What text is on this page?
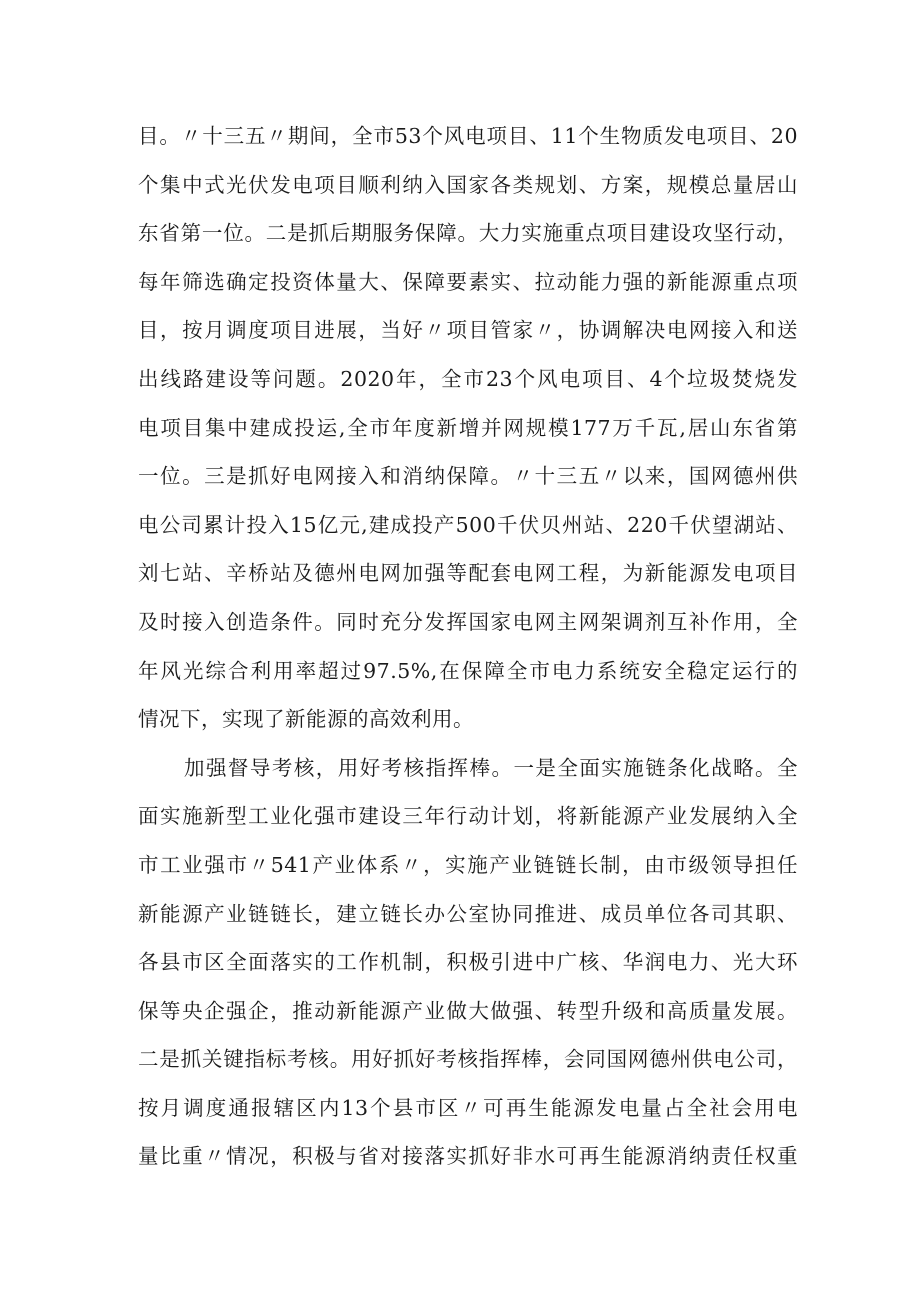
目。〃十三五〃期间，全市53个风电项目、11个生物质发电项目、20
个集中式光伏发电项目顺利纳入国家各类规划、方案，规模总量居山
东省第一位。二是抓后期服务保障。大力实施重点项目建设攻坚行动，
每年筛选确定投资体量大、保障要素实、拉动能力强的新能源重点项
目，按月调度项目进展，当好〃项目管家〃，协调解决电网接入和送
出线路建设等问题。2020年，全市23个风电项目、4个垃圾焚烧发
电项目集中建成投运,全市年度新增并网规模177万千瓦,居山东省第
一位。三是抓好电网接入和消纳保障。〃十三五〃以来，国网德州供
电公司累计投入15亿元,建成投产500千伏贝州站、220千伏望湖站、
刘七站、辛桥站及德州电网加强等配套电网工程，为新能源发电项目
及时接入创造条件。同时充分发挥国家电网主网架调剂互补作用，全
年风光综合利用率超过97.5%,在保障全市电力系统安全稳定运行的
情况下，实现了新能源的高效利用。
加强督导考核，用好考核指挥棒。一是全面实施链条化战略。全
面实施新型工业化强市建设三年行动计划，将新能源产业发展纳入全
市工业强市〃541产业体系〃，实施产业链链长制，由市级领导担任
新能源产业链链长，建立链长办公室协同推进、成员单位各司其职、
各县市区全面落实的工作机制，积极引进中广核、华润电力、光大环
保等央企强企，推动新能源产业做大做强、转型升级和高质量发展。
二是抓关键指标考核。用好抓好考核指挥棒，会同国网德州供电公司，
按月调度通报辖区内13个县市区〃可再生能源发电量占全社会用电
量比重〃情况，积极与省对接落实抓好非水可再生能源消纳责任权重
